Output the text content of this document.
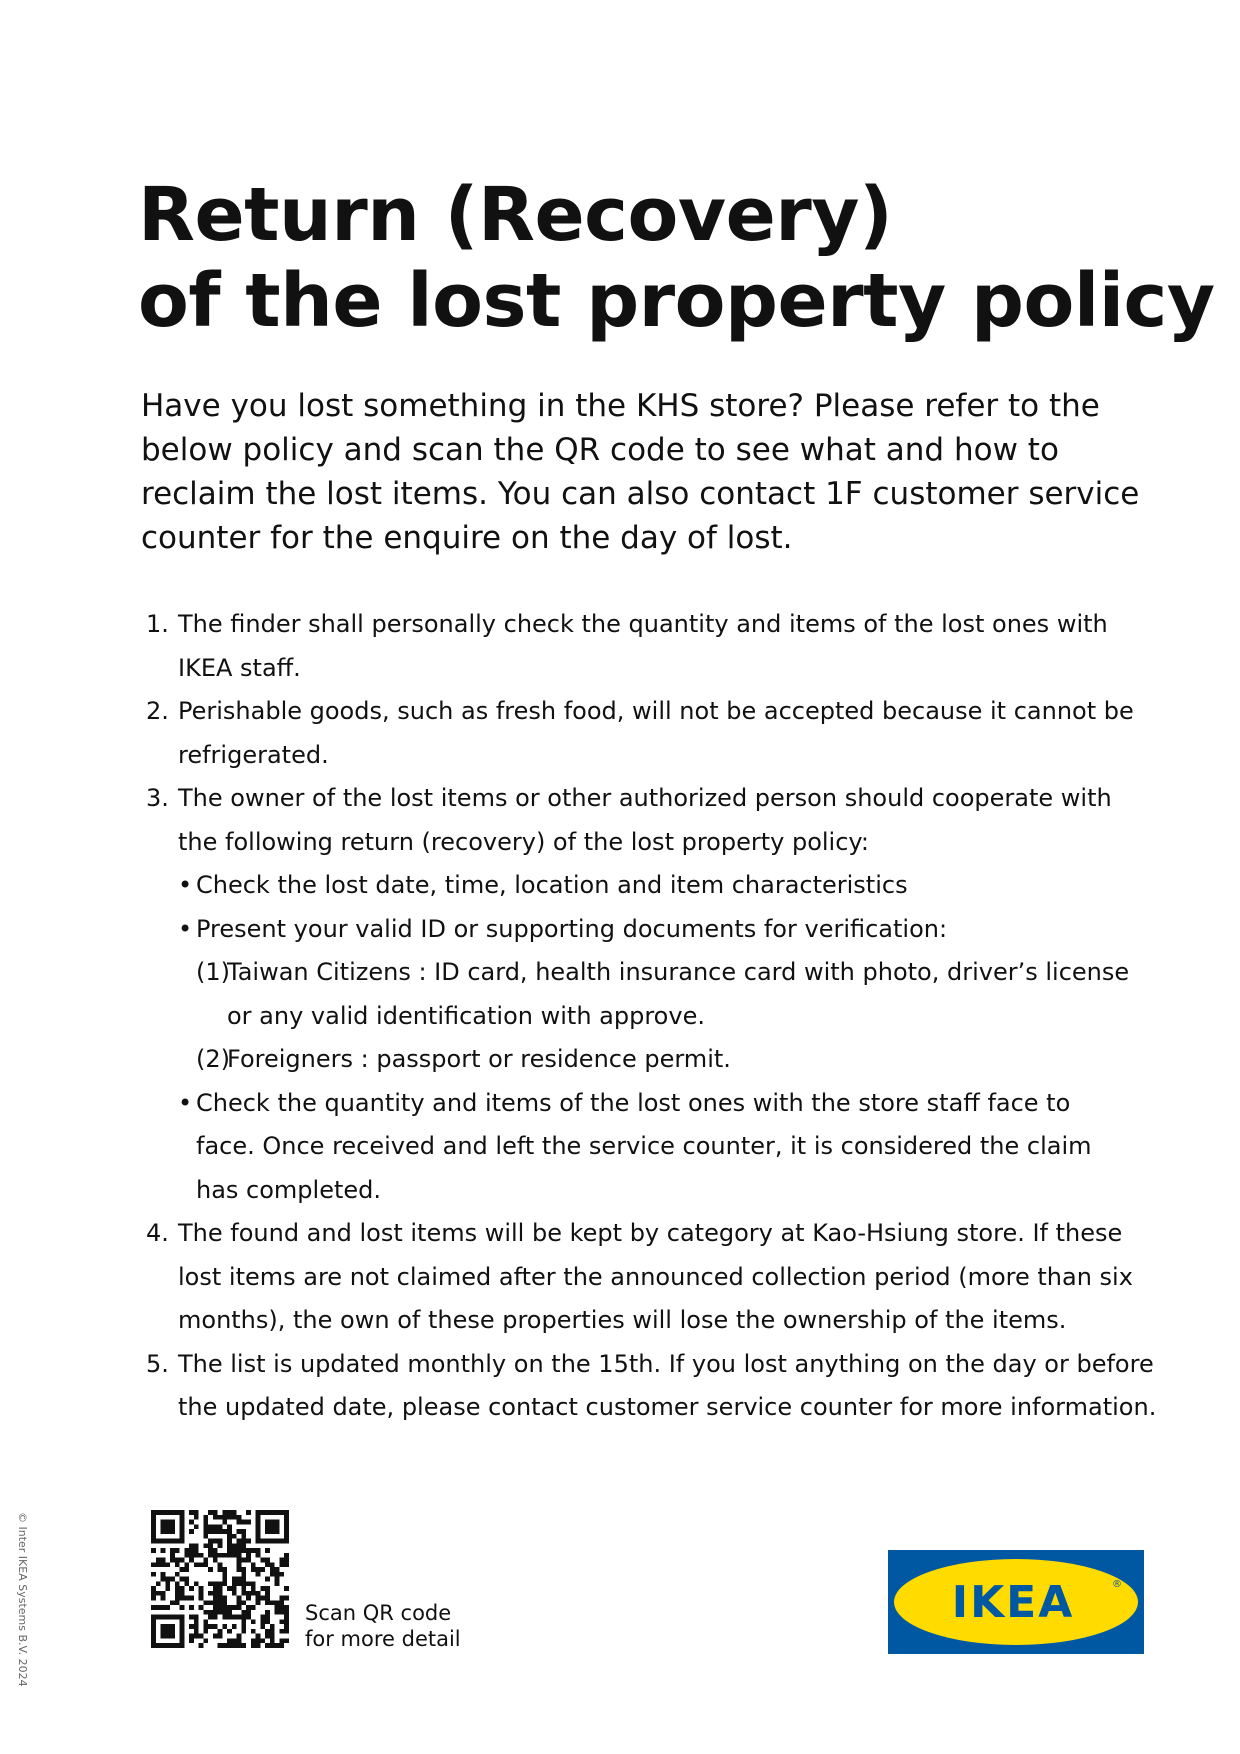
Return (Recovery)
of the lost property policy

Have you lost something in the KHS store? Please refer to the
below policy and scan the QR code to see what and how to
reclaim the lost items. You can also contact 1F customer service
counter for the enquire on the day of lost.

1. The finder shall personally check the quantity and items of the lost ones with
IKEA staff.
2. Perishable goods, such as fresh food, will not be accepted because it cannot be
refrigerated.
3. The owner of the lost items or other authorized person should cooperate with
the following return (recovery) of the lost property policy:
• Check the lost date, time, location and item characteristics
• Present your valid ID or supporting documents for verification:
(1)
Taiwan Citizens : ID card, health insurance card with photo, driver’s license
or any valid identification with approve.
(2)
Foreigners : passport or residence permit.
• Check the quantity and items of the lost ones with the store staff face to
face. Once received and left the service counter, it is considered the claim
has completed.
4. The found and lost items will be kept by category at Kao-Hsiung store. If these
lost items are not claimed after the announced collection period (more than six
months), the own of these properties will lose the ownership of the items.
5. The list is updated monthly on the 15th. If you lost anything on the day or before
the updated date, please contact customer service counter for more information.
© Inter IKEA Systems B.V. 2024	Scan QR code
for more detail
IKEA	®
